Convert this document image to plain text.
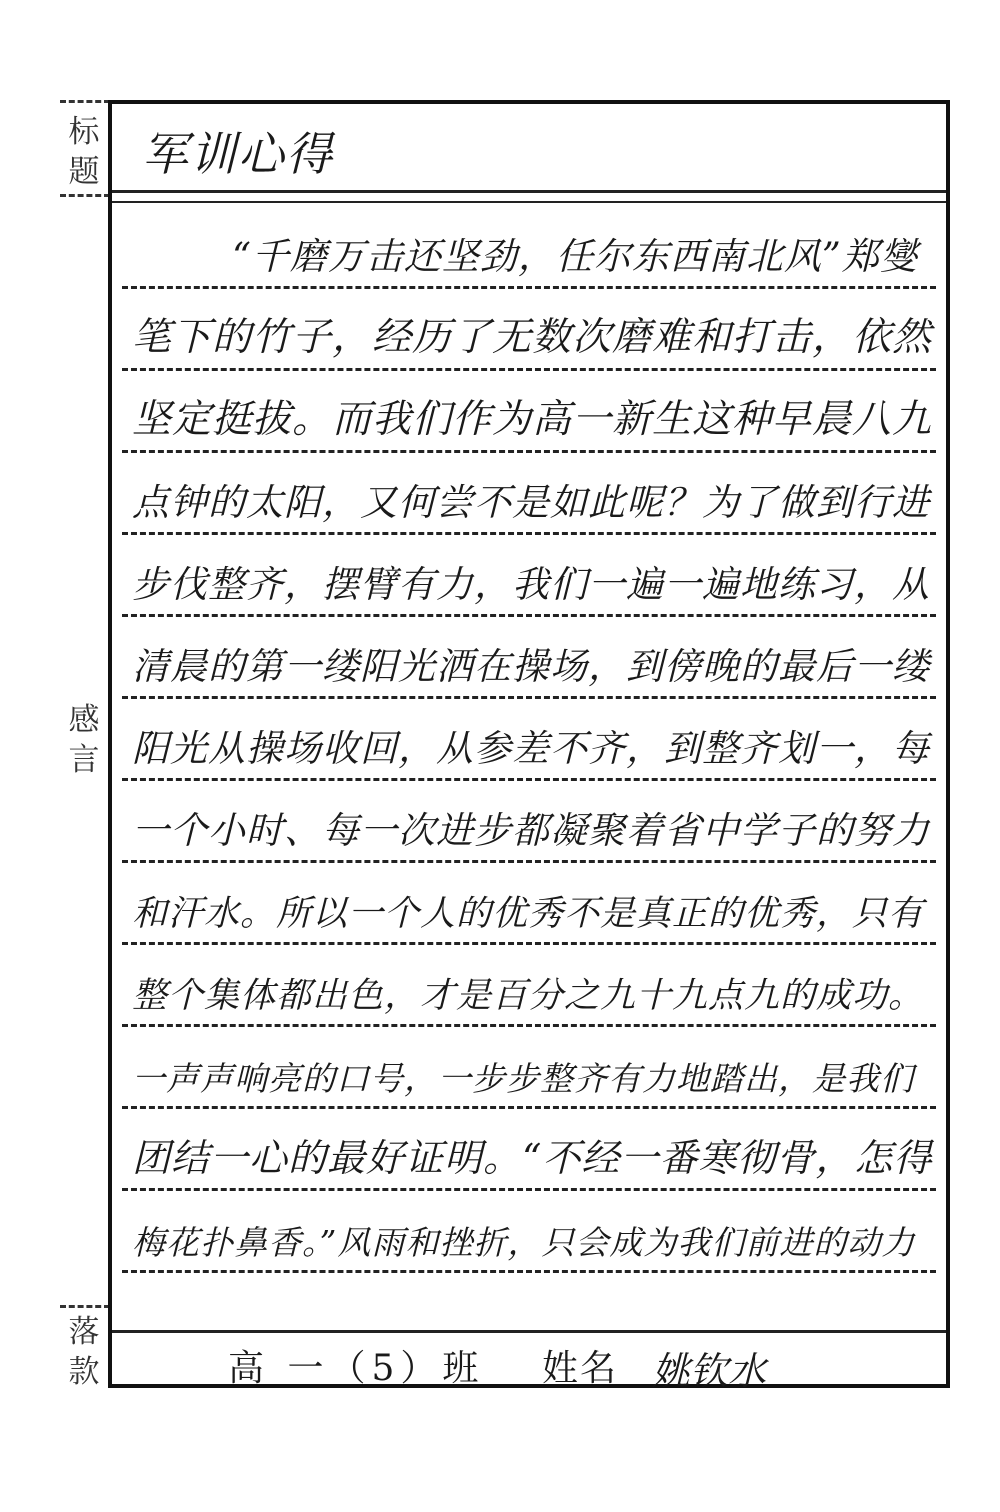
标题
感言
落款
军训心得
“千磨万击还坚劲，任尔东西南北风”郑燮
笔下的竹子，经历了无数次磨难和打击，依然
坚定挺拔。而我们作为高一新生这种早晨八九
点钟的太阳，又何尝不是如此呢？为了做到行进
步伐整齐，摆臂有力，我们一遍一遍地练习，从
清晨的第一缕阳光洒在操场，到傍晚的最后一缕
阳光从操场收回，从参差不齐，到整齐划一，每
一个小时、每一次进步都凝聚着省中学子的努力
和汗水。所以一个人的优秀不是真正的优秀，只有
整个集体都出色，才是百分之九十九点九的成功。
一声声响亮的口号，一步步整齐有力地踏出，是我们
团结一心的最好证明。“不经一番寒彻骨，怎得
梅花扑鼻香。”风雨和挫折，只会成为我们前进的动力
高 一（5）班 姓名 姚钦水
